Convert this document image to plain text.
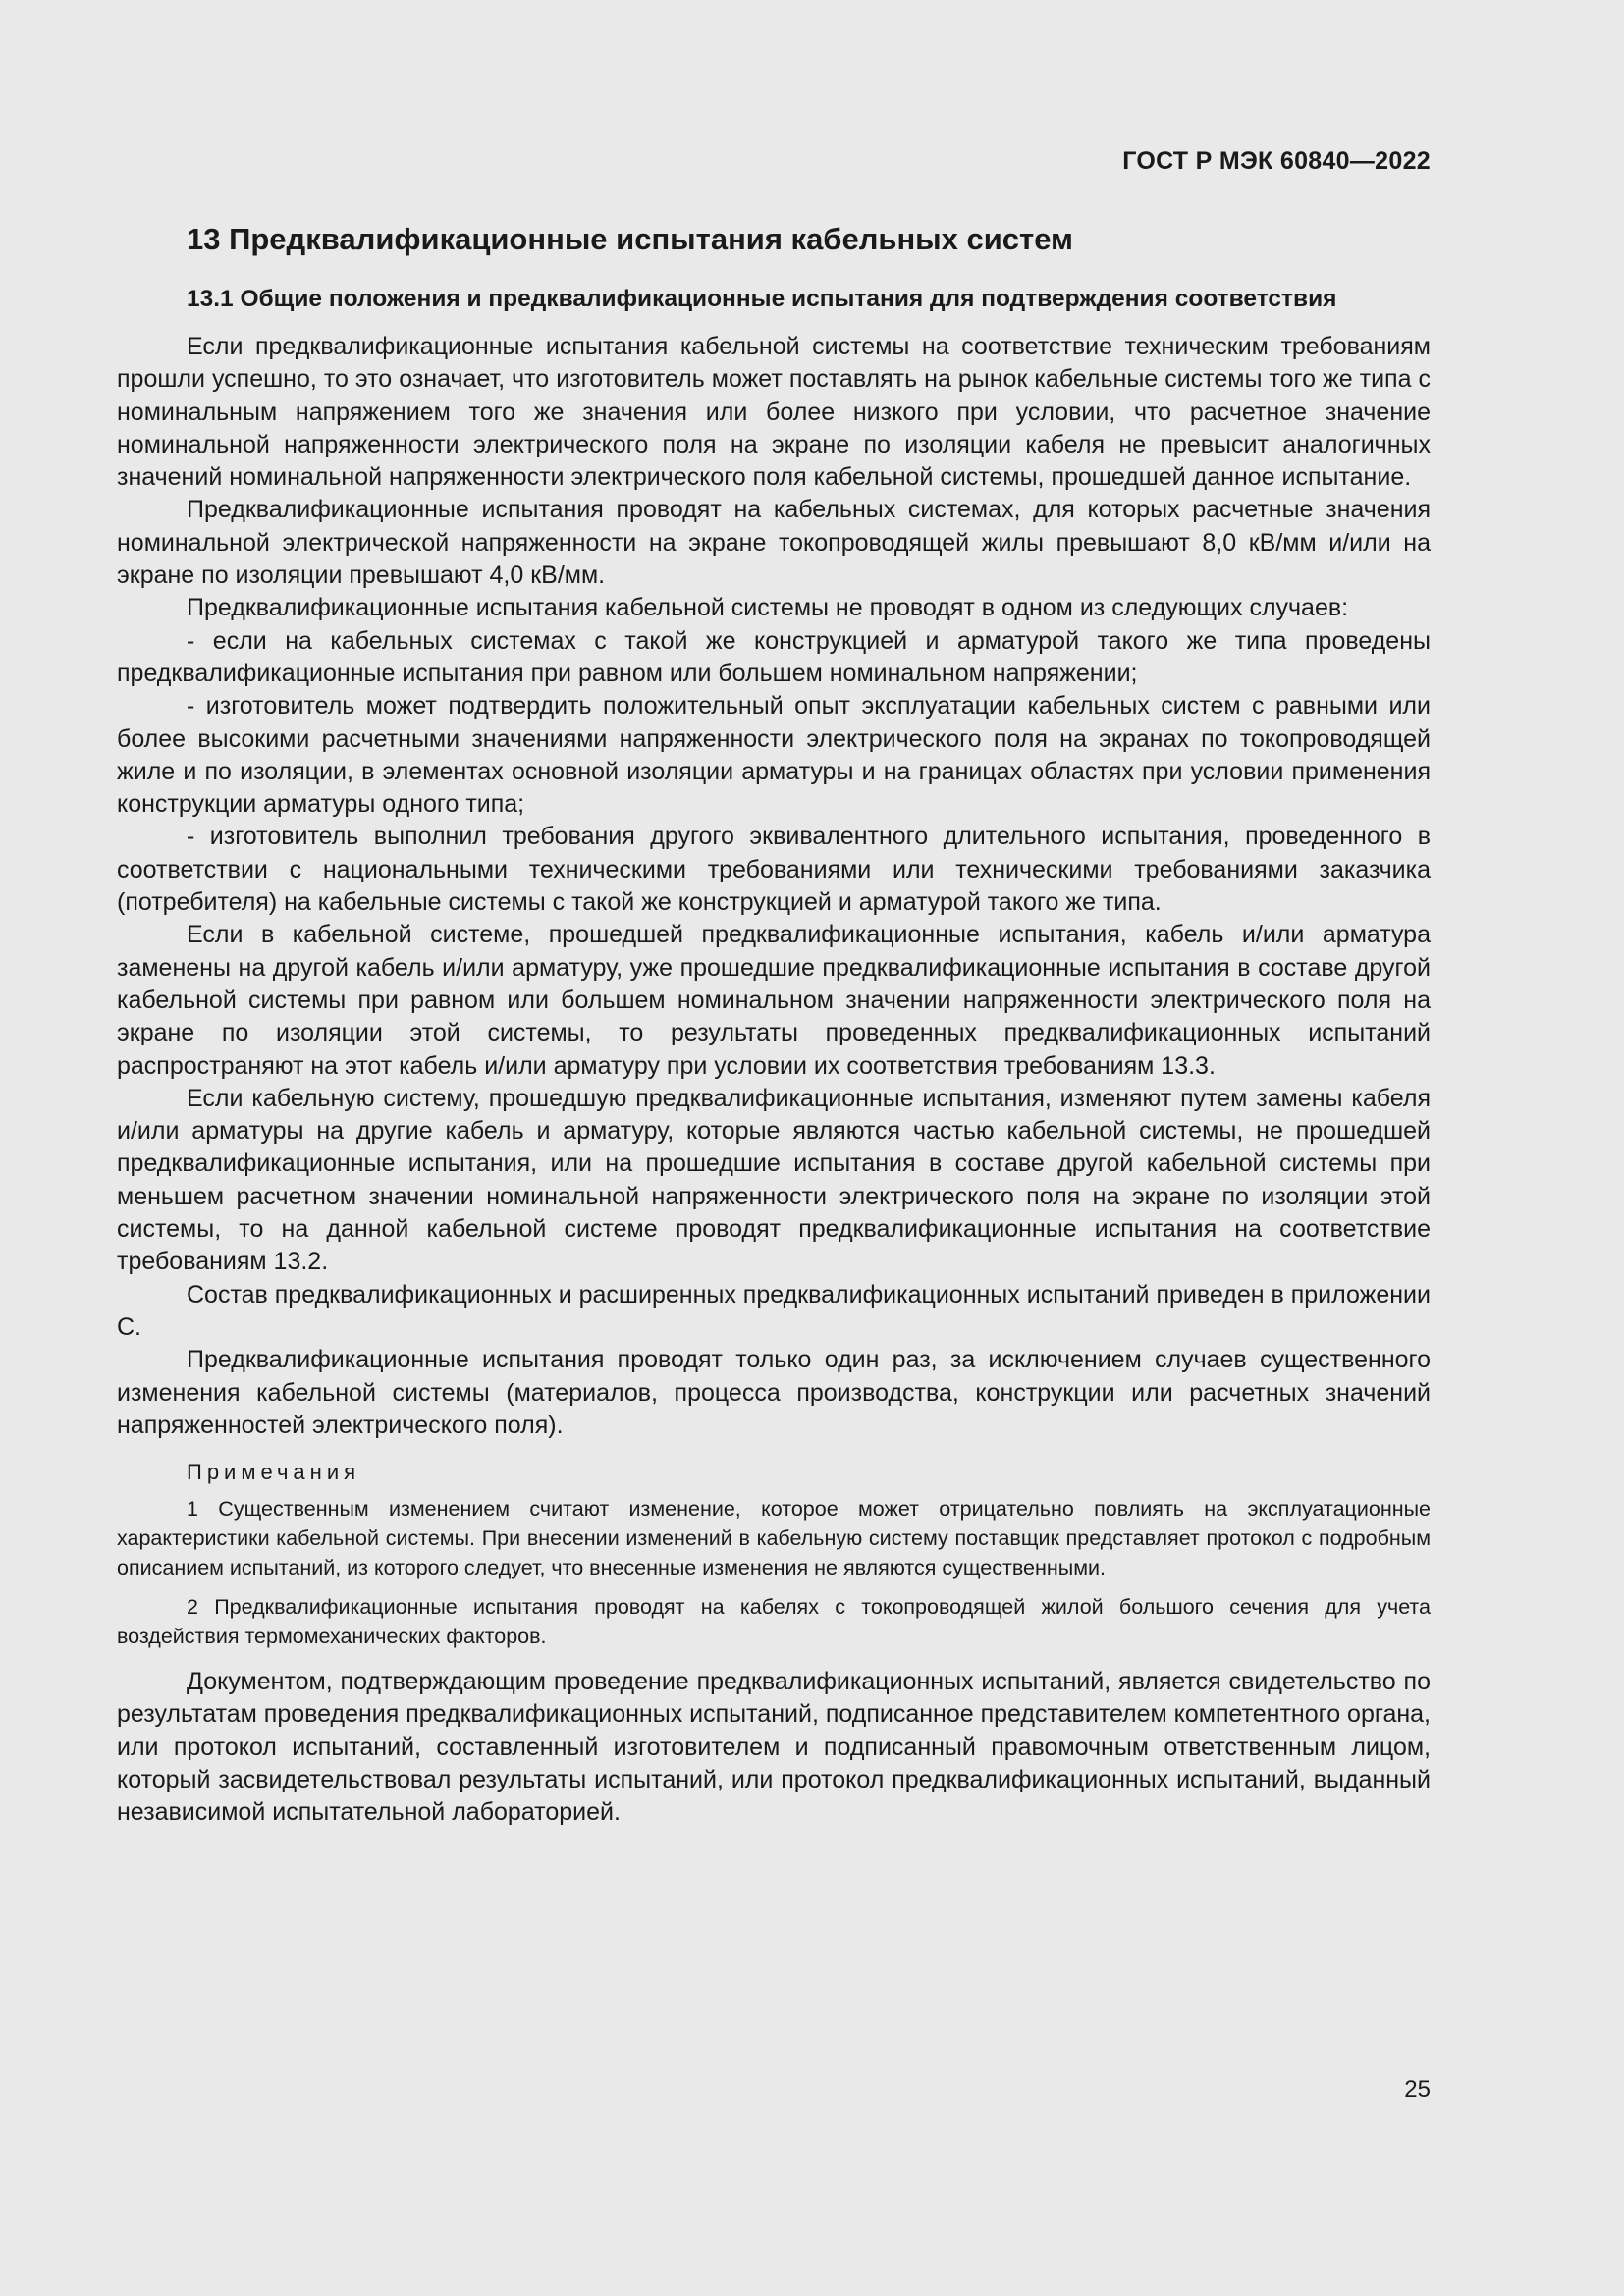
ГОСТ Р МЭК 60840—2022
13 Предквалификационные испытания кабельных систем
13.1 Общие положения и предквалификационные испытания для подтверждения соответствия

Если предквалификационные испытания кабельной системы на соответствие техническим требованиям прошли успешно, то это означает, что изготовитель может поставлять на рынок кабельные системы того же типа с номинальным напряжением того же значения или более низкого при условии, что расчетное значение номинальной напряженности электрического поля на экране по изоляции кабеля не превысит аналогичных значений номинальной напряженности электрического поля кабельной системы, прошедшей данное испытание.

Предквалификационные испытания проводят на кабельных системах, для которых расчетные значения номинальной электрической напряженности на экране токопроводящей жилы превышают 8,0 кВ/мм и/или на экране по изоляции превышают 4,0 кВ/мм.

Предквалификационные испытания кабельной системы не проводят в одном из следующих случаев:

- если на кабельных системах с такой же конструкцией и арматурой такого же типа проведены предквалификационные испытания при равном или большем номинальном напряжении;

- изготовитель может подтвердить положительный опыт эксплуатации кабельных систем с равными или более высокими расчетными значениями напряженности электрического поля на экранах по токопроводящей жиле и по изоляции, в элементах основной изоляции арматуры и на границах областях при условии применения конструкции арматуры одного типа;

- изготовитель выполнил требования другого эквивалентного длительного испытания, проведенного в соответствии с национальными техническими требованиями или техническими требованиями заказчика (потребителя) на кабельные системы с такой же конструкцией и арматурой такого же типа.

Если в кабельной системе, прошедшей предквалификационные испытания, кабель и/или арматура заменены на другой кабель и/или арматуру, уже прошедшие предквалификационные испытания в составе другой кабельной системы при равном или большем номинальном значении напряженности электрического поля на экране по изоляции этой системы, то результаты проведенных предквалификационных испытаний распространяют на этот кабель и/или арматуру при условии их соответствия требованиям 13.3.

Если кабельную систему, прошедшую предквалификационные испытания, изменяют путем замены кабеля и/или арматуры на другие кабель и арматуру, которые являются частью кабельной системы, не прошедшей предквалификационные испытания, или на прошедшие испытания в составе другой кабельной системы при меньшем расчетном значении номинальной напряженности электрического поля на экране по изоляции этой системы, то на данной кабельной системе проводят предквалификационные испытания на соответствие требованиям 13.2.

Состав предквалификационных и расширенных предквалификационных испытаний приведен в приложении С.

Предквалификационные испытания проводят только один раз, за исключением случаев существенного изменения кабельной системы (материалов, процесса производства, конструкции или расчетных значений напряженностей электрического поля).

Примечания

1 Существенным изменением считают изменение, которое может отрицательно повлиять на эксплуатационные характеристики кабельной системы. При внесении изменений в кабельную систему поставщик представляет протокол с подробным описанием испытаний, из которого следует, что внесенные изменения не являются существенными.

2 Предквалификационные испытания проводят на кабелях с токопроводящей жилой большого сечения для учета воздействия термомеханических факторов.

Документом, подтверждающим проведение предквалификационных испытаний, является свидетельство по результатам проведения предквалификационных испытаний, подписанное представителем компетентного органа, или протокол испытаний, составленный изготовителем и подписанный правомочным ответственным лицом, который засвидетельствовал результаты испытаний, или протокол предквалификационных испытаний, выданный независимой испытательной лабораторией.

25
